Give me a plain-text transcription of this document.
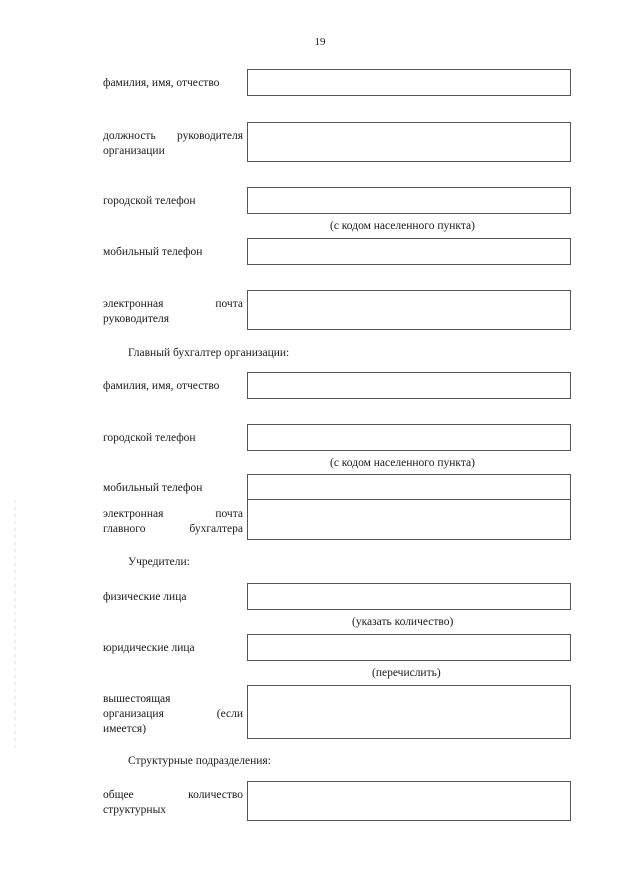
19
фамилия, имя, отчество
должность руководителя
организации
городской телефон
(с кодом населенного пункта)
мобильный телефон
электронная почта
руководителя
Главный бухгалтер организации:
фамилия, имя, отчество
городской телефон
(с кодом населенного пункта)
мобильный телефон
электронная почта
главного бухгалтера
Учредители:
физические лица
(указать количество)
юридические лица
(перечислить)
вышестоящая
организация (если
имеется)
Структурные подразделения:
общее количество
структурных
